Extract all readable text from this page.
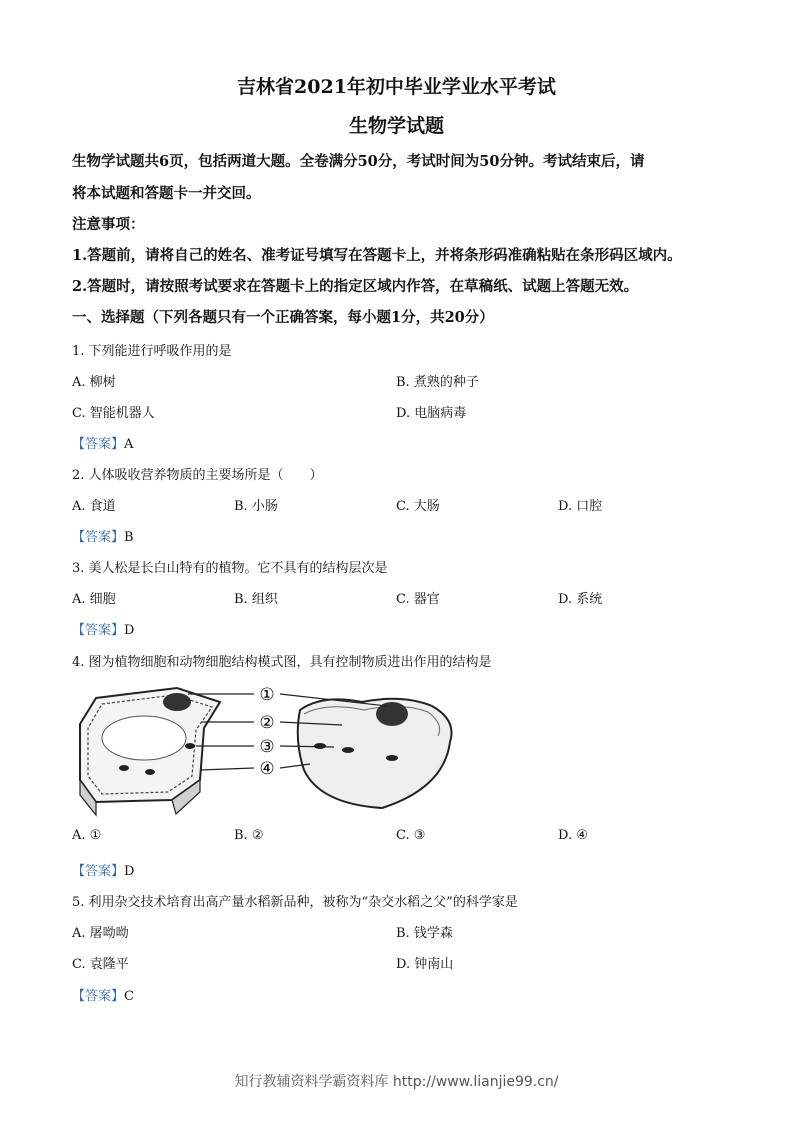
吉林省2021年初中毕业学业水平考试
生物学试题
生物学试题共6页，包括两道大题。全卷满分50分，考试时间为50分钟。考试结束后，请
将本试题和答题卡一并交回。
注意事项：
1.答题前，请将自己的姓名、准考证号填写在答题卡上，并将条形码准确粘贴在条形码区域内。
2.答题时，请按照考试要求在答题卡上的指定区域内作答，在草稿纸、试题上答题无效。
一、选择题（下列各题只有一个正确答案，每小题1分，共20分）
1. 下列能进行呼吸作用的是
A. 柳树	B. 煮熟的种子
C. 智能机器人	D. 电脑病毒
【答案】A
2. 人体吸收营养物质的主要场所是（　　）
A. 食道	B. 小肠	C. 大肠	D. 口腔
【答案】B
3. 美人松是长白山特有的植物。它不具有的结构层次是
A. 细胞	B. 组织	C. 器官	D. 系统
【答案】D
4. 图为植物细胞和动物细胞结构模式图，具有控制物质进出作用的结构是
①
②
③
④
A. ①	B. ②	C. ③	D. ④
【答案】D
5. 利用杂交技术培育出高产量水稻新品种，被称为“杂交水稻之父”的科学家是
A. 屠呦呦	B. 钱学森
C. 袁隆平	D. 钟南山
【答案】C
知行教辅资料学霸资料库 http://www.lianjie99.cn/
